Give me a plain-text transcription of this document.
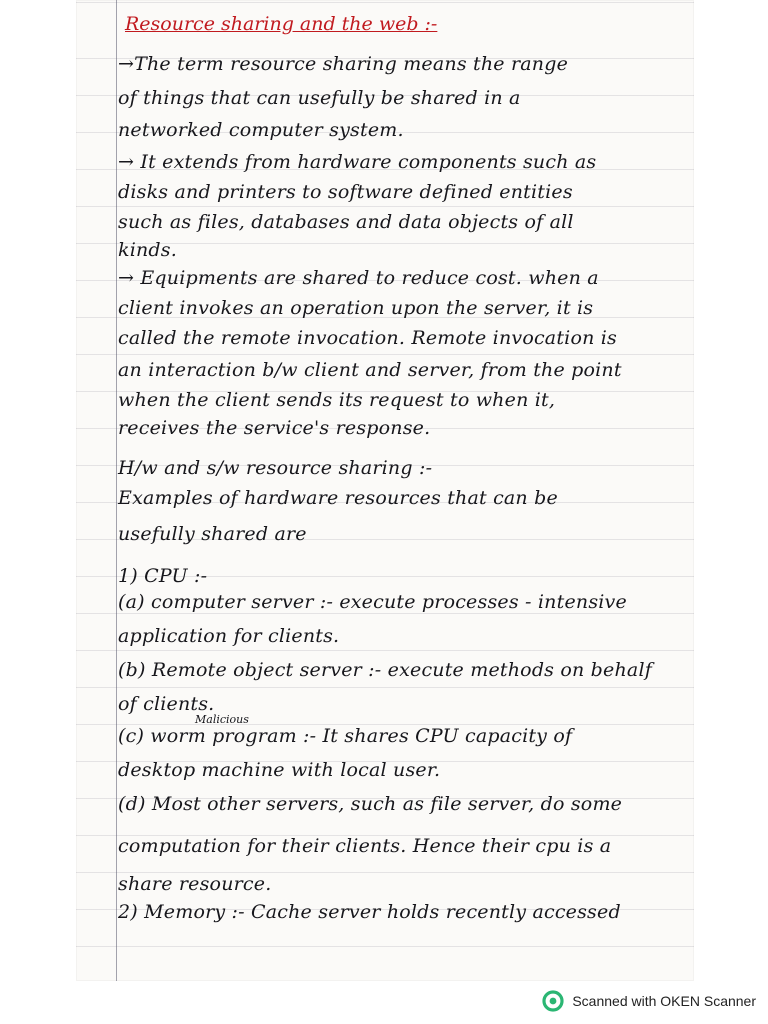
Resource sharing and the web :-

→The term resource sharing means the range

of things that can usefully be shared in a

networked computer system.

→ It extends from hardware components such as

disks and printers to software defined entities

such as files, databases and data objects of all

kinds.

→ Equipments are shared to reduce cost. when a

client invokes an operation upon the server, it is

called the remote invocation. Remote invocation is

an interaction b/w client and server, from the point

when the client sends its request to when it,

receives the service's response.

H/w and s/w resource sharing :-

Examples of hardware resources that can be

usefully shared are

1) CPU :-

(a) computer server :- execute processes - intensive

application for clients.

(b) Remote object server :- execute methods on behalf

of clients.

Malicious

(c) worm program :- It shares CPU capacity of

desktop machine with local user.

(d) Most other servers, such as file server, do some

computation for their clients. Hence their cpu is a

share resource.

2) Memory :- Cache server holds recently accessed

Scanned with OKEN Scanner
